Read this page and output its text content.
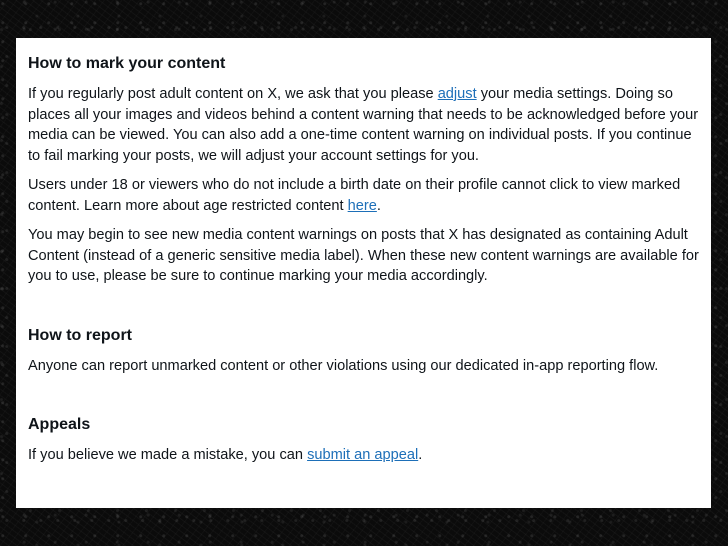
How to mark your content

If you regularly post adult content on X, we ask that you please adjust your media settings. Doing so places all your images and videos behind a content warning that needs to be acknowledged before your media can be viewed. You can also add a one-time content warning on individual posts. If you continue to fail marking your posts, we will adjust your account settings for you.

Users under 18 or viewers who do not include a birth date on their profile cannot click to view marked content. Learn more about age restricted content here.

You may begin to see new media content warnings on posts that X has designated as containing Adult Content (instead of a generic sensitive media label). When these new content warnings are available for you to use, please be sure to continue marking your media accordingly.

How to report

Anyone can report unmarked content or other violations using our dedicated in-app reporting flow.

Appeals

If you believe we made a mistake, you can submit an appeal.
